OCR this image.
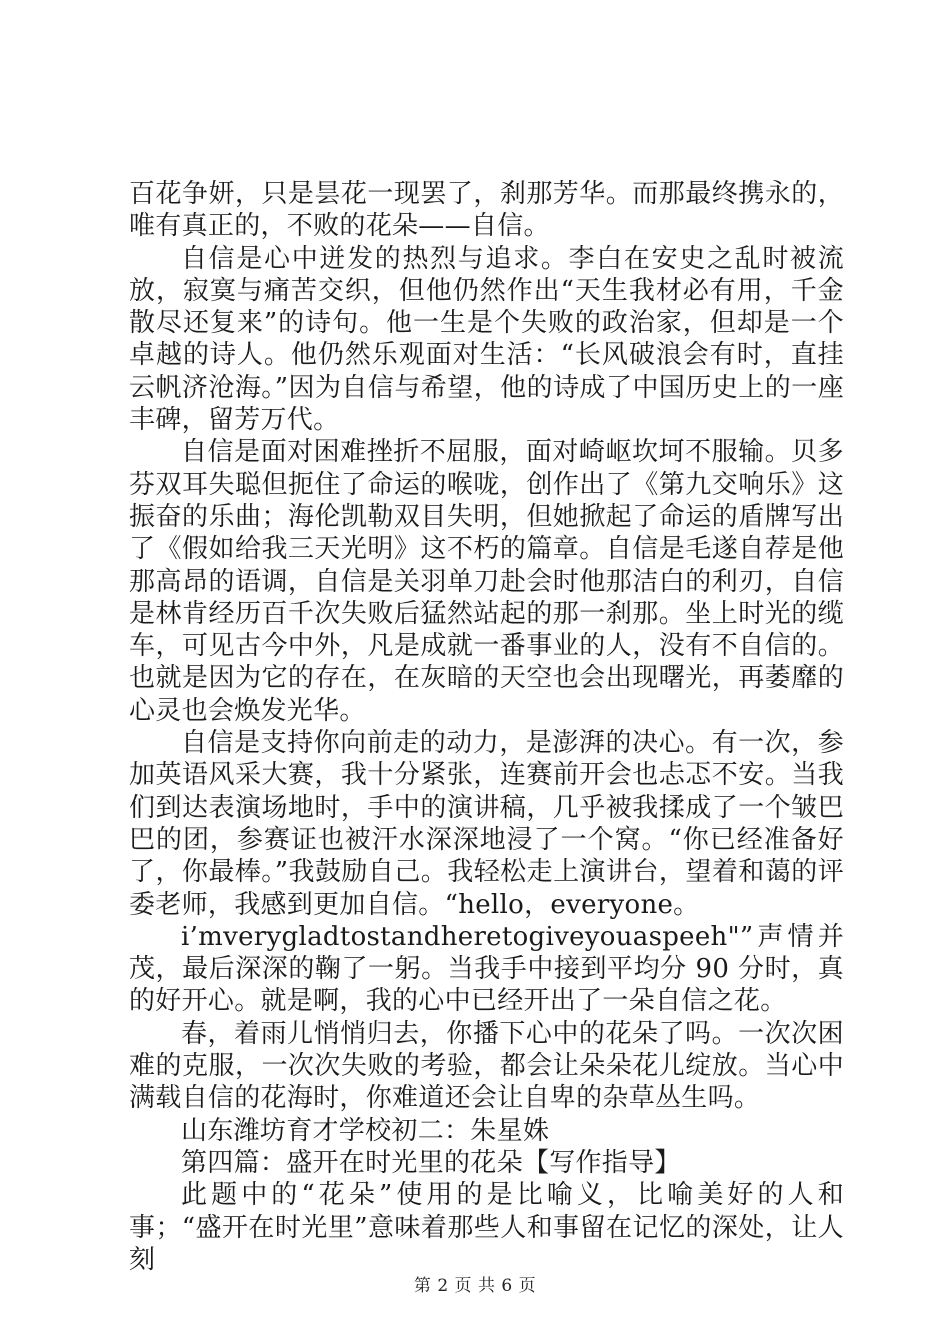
百花争妍，只是昙花一现罢了，刹那芳华。而那最终携永的，唯有真正的，不败的花朵——自信。

自信是心中迸发的热烈与追求。李白在安史之乱时被流放，寂寞与痛苦交织，但他仍然作出“天生我材必有用，千金散尽还复来”的诗句。他一生是个失败的政治家，但却是一个卓越的诗人。他仍然乐观面对生活：“长风破浪会有时，直挂云帆济沧海。”因为自信与希望，他的诗成了中国历史上的一座丰碑，留芳万代。

自信是面对困难挫折不屈服，面对崎岖坎坷不服输。贝多芬双耳失聪但扼住了命运的喉咙，创作出了《第九交响乐》这振奋的乐曲；海伦凯勒双目失明，但她掀起了命运的盾牌写出了《假如给我三天光明》这不朽的篇章。自信是毛遂自荐是他那高昂的语调，自信是关羽单刀赴会时他那洁白的利刃，自信是林肯经历百千次失败后猛然站起的那一刹那。坐上时光的缆车，可见古今中外，凡是成就一番事业的人，没有不自信的。也就是因为它的存在，在灰暗的天空也会出现曙光，再萎靡的心灵也会焕发光华。

自信是支持你向前走的动力，是澎湃的决心。有一次，参加英语风采大赛，我十分紧张，连赛前开会也忐忑不安。当我们到达表演场地时，手中的演讲稿，几乎被我揉成了一个皱巴巴的团，参赛证也被汗水深深地浸了一个窝。“你已经准备好了，你最棒。”我鼓励自己。我轻松走上演讲台，望着和蔼的评委老师，我感到更加自信。“hello，everyone。

i’mverygladtostandheretogiveyouaspeeh"”声情并茂，最后深深的鞠了一躬。当我手中接到平均分 90 分时，真的好开心。就是啊，我的心中已经开出了一朵自信之花。

春，着雨儿悄悄归去，你播下心中的花朵了吗。一次次困难的克服，一次次失败的考验，都会让朵朵花儿绽放。当心中满载自信的花海时，你难道还会让自卑的杂草丛生吗。

山东潍坊育才学校初二：朱星姝

第四篇：盛开在时光里的花朵【写作指导】

此题中的“花朵”使用的是比喻义，比喻美好的人和事；“盛开在时光里”意味着那些人和事留在记忆的深处，让人刻

第 2 页 共 6 页
